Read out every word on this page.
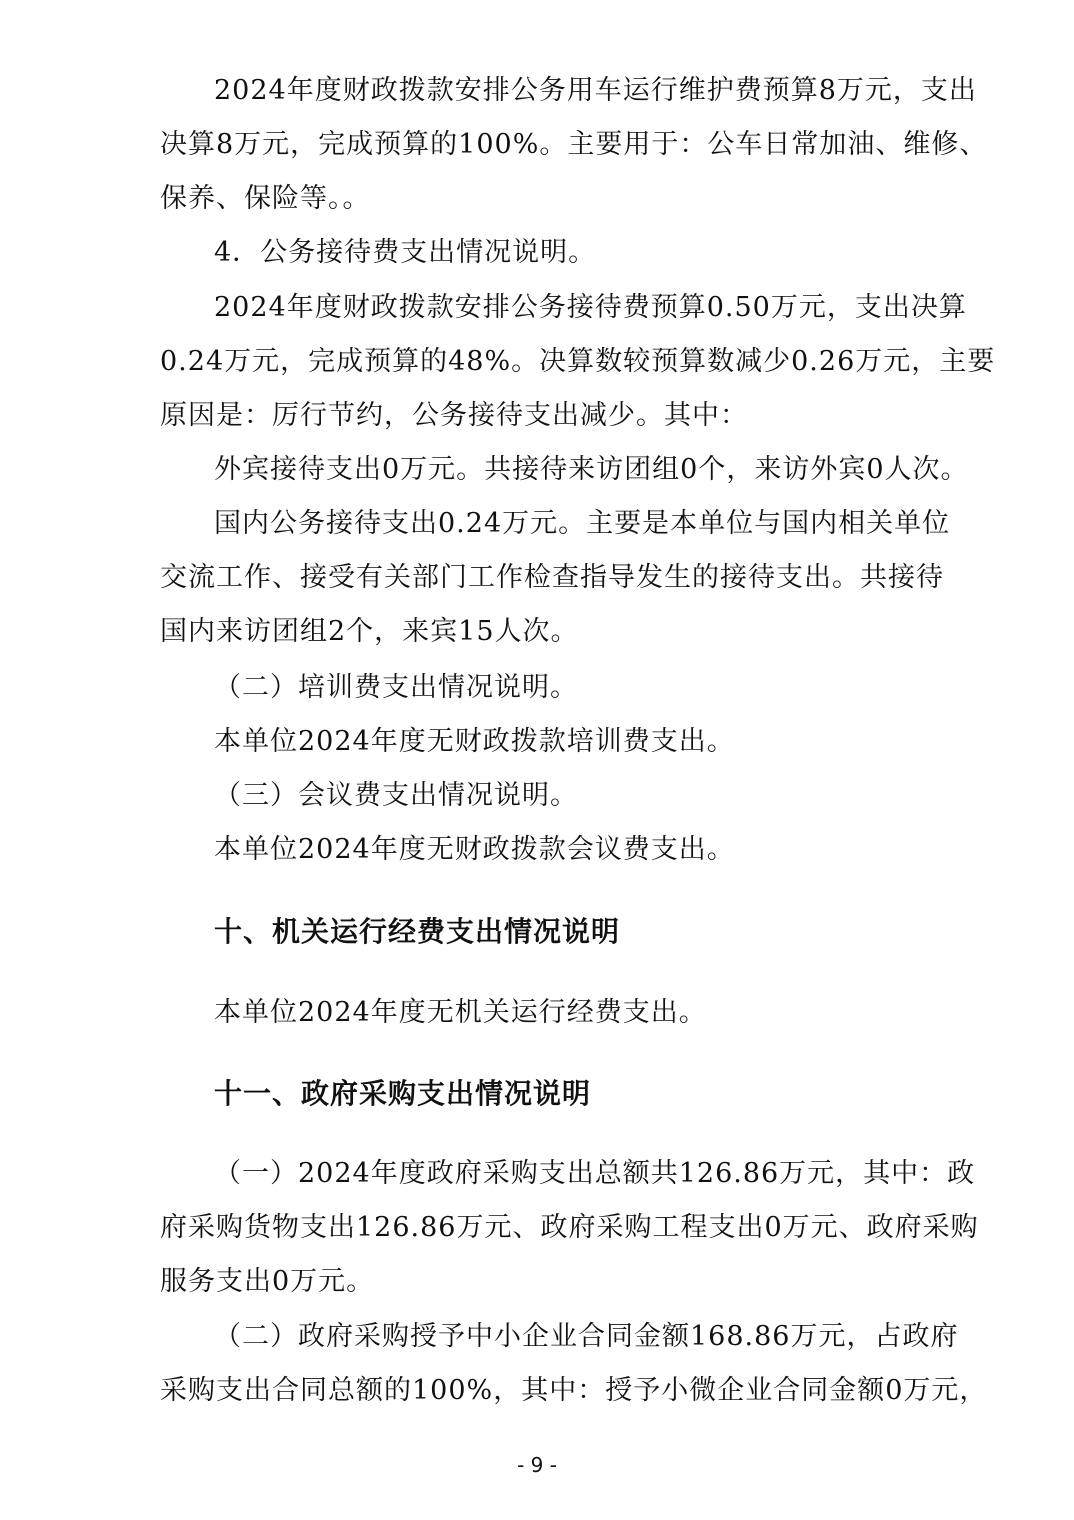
2024年度财政拨款安排公务用车运行维护费预算8万元，支出
决算8万元，完成预算的100%。主要用于：公车日常加油、维修、
保养、保险等。。

4．公务接待费支出情况说明。

2024年度财政拨款安排公务接待费预算0.50万元，支出决算
0.24万元，完成预算的48%。决算数较预算数减少0.26万元，主要
原因是：厉行节约，公务接待支出减少。其中：

外宾接待支出0万元。共接待来访团组0个，来访外宾0人次。

国内公务接待支出0.24万元。主要是本单位与国内相关单位
交流工作、接受有关部门工作检查指导发生的接待支出。共接待
国内来访团组2个，来宾15人次。

（二）培训费支出情况说明。

本单位2024年度无财政拨款培训费支出。

（三）会议费支出情况说明。

本单位2024年度无财政拨款会议费支出。

十、机关运行经费支出情况说明

本单位2024年度无机关运行经费支出。

十一、政府采购支出情况说明

（一）2024年度政府采购支出总额共126.86万元，其中：政
府采购货物支出126.86万元、政府采购工程支出0万元、政府采购
服务支出0万元。

（二）政府采购授予中小企业合同金额168.86万元，占政府
采购支出合同总额的100%，其中：授予小微企业合同金额0万元，

- 9 -
